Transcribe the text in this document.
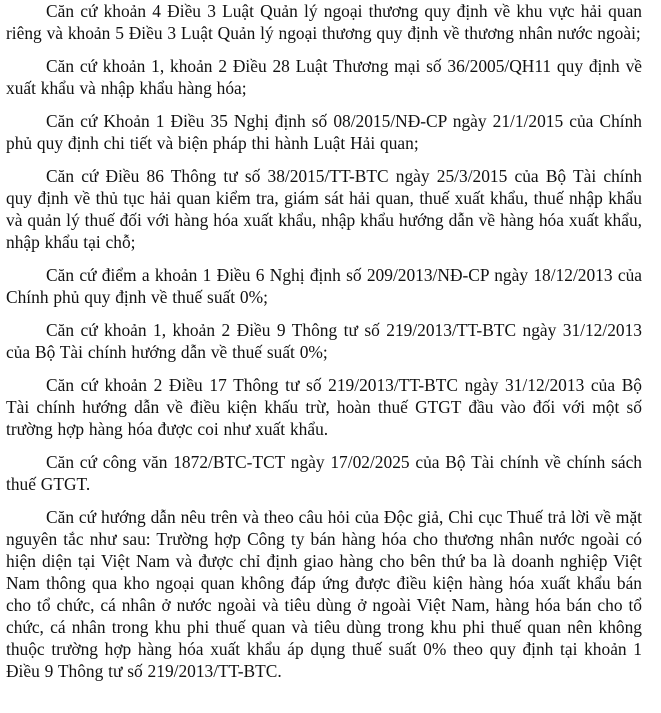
Căn cứ khoản 4 Điều 3 Luật Quản lý ngoại thương quy định về khu vực hải quan riêng và khoản 5 Điều 3 Luật Quản lý ngoại thương quy định về thương nhân nước ngoài;

Căn cứ khoản 1, khoản 2 Điều 28 Luật Thương mại số 36/2005/QH11 quy định về xuất khẩu và nhập khẩu hàng hóa;

Căn cứ Khoản 1 Điều 35 Nghị định số 08/2015/NĐ-CP ngày 21/1/2015 của Chính phủ quy định chi tiết và biện pháp thi hành Luật Hải quan;

Căn cứ Điều 86 Thông tư số 38/2015/TT-BTC ngày 25/3/2015 của Bộ Tài chính quy định về thủ tục hải quan kiểm tra, giám sát hải quan, thuế xuất khẩu, thuế nhập khẩu và quản lý thuế đối với hàng hóa xuất khẩu, nhập khẩu hướng dẫn về hàng hóa xuất khẩu, nhập khẩu tại chỗ;

Căn cứ điểm a khoản 1 Điều 6 Nghị định số 209/2013/NĐ-CP ngày 18/12/2013 của Chính phủ quy định về thuế suất 0%;

Căn cứ khoản 1, khoản 2 Điều 9 Thông tư số 219/2013/TT-BTC ngày 31/12/2013 của Bộ Tài chính hướng dẫn về thuế suất 0%;

Căn cứ khoản 2 Điều 17 Thông tư số 219/2013/TT-BTC ngày 31/12/2013 của Bộ Tài chính hướng dẫn về điều kiện khấu trừ, hoàn thuế GTGT đầu vào đối với một số trường hợp hàng hóa được coi như xuất khẩu.

Căn cứ công văn 1872/BTC-TCT ngày 17/02/2025 của Bộ Tài chính về chính sách thuế GTGT.

Căn cứ hướng dẫn nêu trên và theo câu hỏi của Độc giả, Chi cục Thuế trả lời về mặt nguyên tắc như sau: Trường hợp Công ty bán hàng hóa cho thương nhân nước ngoài có hiện diện tại Việt Nam và được chỉ định giao hàng cho bên thứ ba là doanh nghiệp Việt Nam thông qua kho ngoại quan không đáp ứng được điều kiện hàng hóa xuất khẩu bán cho tổ chức, cá nhân ở nước ngoài và tiêu dùng ở ngoài Việt Nam, hàng hóa bán cho tổ chức, cá nhân trong khu phi thuế quan và tiêu dùng trong khu phi thuế quan nên không thuộc trường hợp hàng hóa xuất khẩu áp dụng thuế suất 0% theo quy định tại khoản 1 Điều 9 Thông tư số 219/2013/TT-BTC.
